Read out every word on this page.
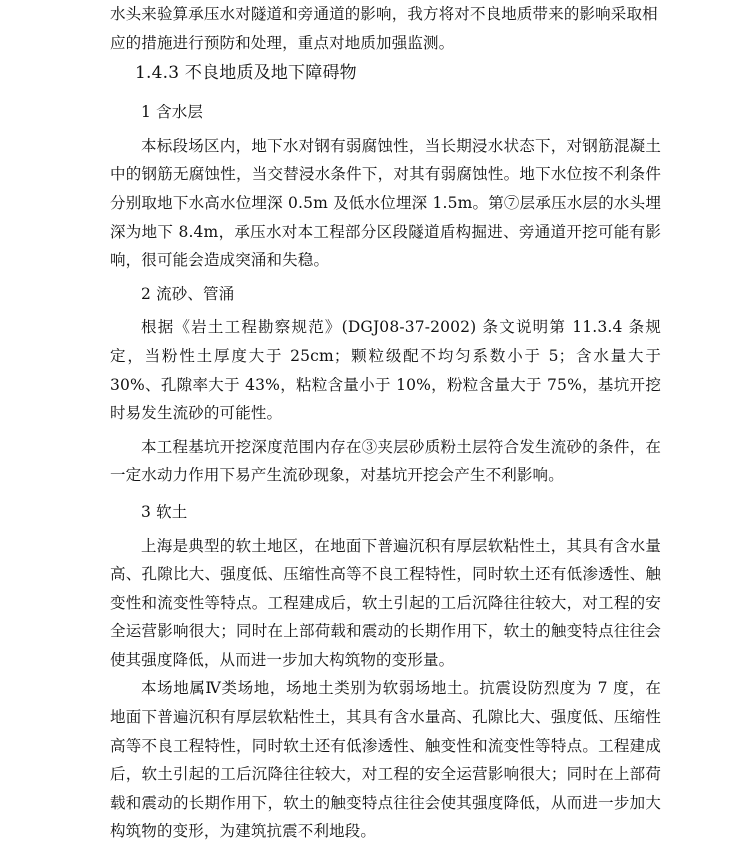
水头来验算承压水对隧道和旁通道的影响，我方将对不良地质带来的影响采取相

应的措施进行预防和处理，重点对地质加强监测。

1.4.3 不良地质及地下障碍物

1 含水层

本标段场区内，地下水对钢有弱腐蚀性，当长期浸水状态下，对钢筋混凝土中的钢筋无腐蚀性，当交替浸水条件下，对其有弱腐蚀性。地下水位按不利条件分别取地下水高水位埋深 0.5m 及低水位埋深 1.5m。第⑦层承压水层的水头埋深为地下 8.4m，承压水对本工程部分区段隧道盾构掘进、旁通道开挖可能有影响，很可能会造成突涌和失稳。

2 流砂、管涌

根据《岩土工程勘察规范》(DGJ08-37-2002) 条文说明第 11.3.4 条规定，当粉性土厚度大于 25cm；颗粒级配不均匀系数小于 5；含水量大于 30%、孔隙率大于 43%，粘粒含量小于 10%，粉粒含量大于 75%，基坑开挖时易发生流砂的可能性。

本工程基坑开挖深度范围内存在③夹层砂质粉土层符合发生流砂的条件，在一定水动力作用下易产生流砂现象，对基坑开挖会产生不利影响。

3 软土

上海是典型的软土地区，在地面下普遍沉积有厚层软粘性土，其具有含水量高、孔隙比大、强度低、压缩性高等不良工程特性，同时软土还有低渗透性、触变性和流变性等特点。工程建成后，软土引起的工后沉降往往较大，对工程的安全运营影响很大；同时在上部荷载和震动的长期作用下，软土的触变特点往往会使其强度降低，从而进一步加大构筑物的变形量。

本场地属Ⅳ类场地，场地土类别为软弱场地土。抗震设防烈度为 7 度，在地面下普遍沉积有厚层软粘性土，其具有含水量高、孔隙比大、强度低、压缩性高等不良工程特性，同时软土还有低渗透性、触变性和流变性等特点。工程建成后，软土引起的工后沉降往往较大，对工程的安全运营影响很大；同时在上部荷载和震动的长期作用下，软土的触变特点往往会使其强度降低，从而进一步加大构筑物的变形，为建筑抗震不利地段。
